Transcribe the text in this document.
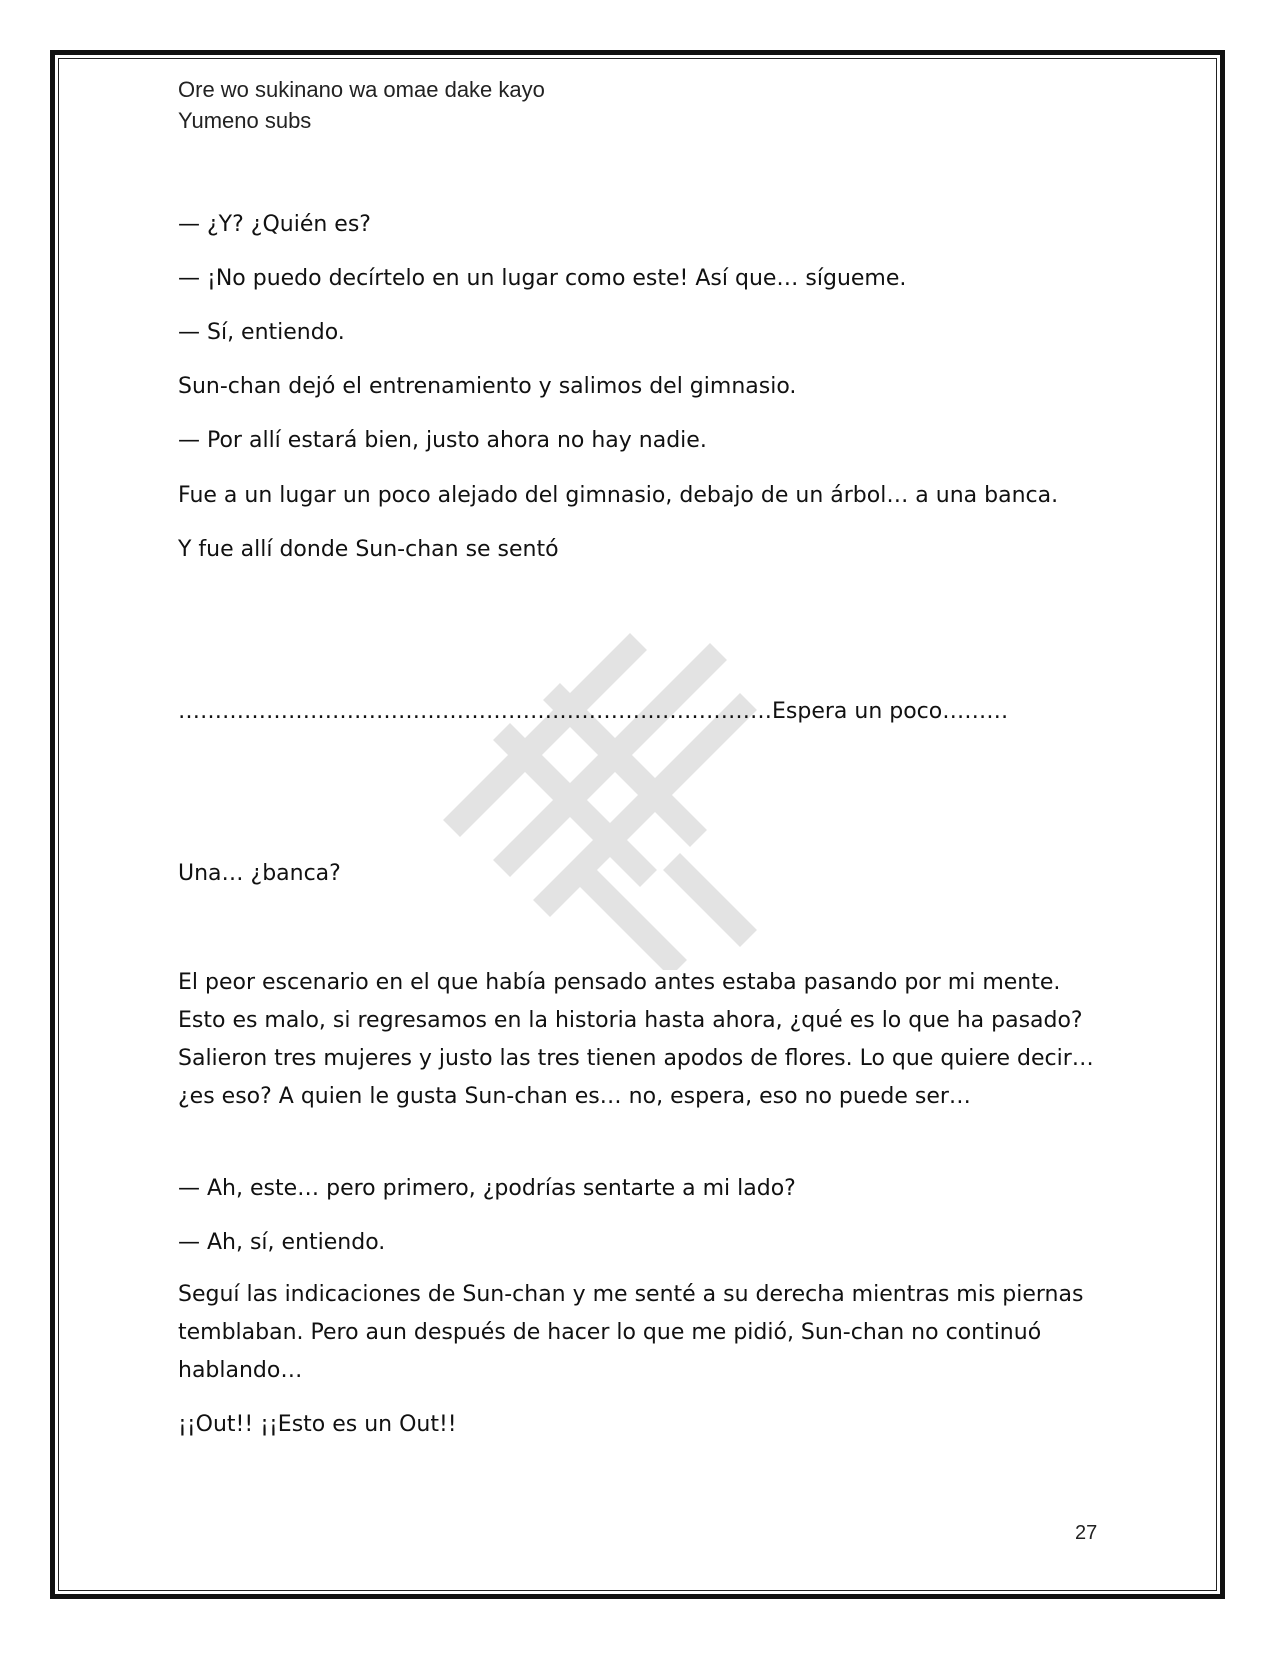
Ore wo sukinano wa omae dake kayo
Yumeno subs
— ¿Y? ¿Quién es?
— ¡No puedo decírtelo en un lugar como este! Así que… sígueme.
— Sí, entiendo.
Sun-chan dejó el entrenamiento y salimos del gimnasio.
— Por allí estará bien, justo ahora no hay nadie.
Fue a un lugar un poco alejado del gimnasio, debajo de un árbol… a una banca.
Y fue allí donde Sun-chan se sentó
………………………………………………………………………Espera un poco………
Una… ¿banca?
El peor escenario en el que había pensado antes estaba pasando por mi mente. Esto es malo, si regresamos en la historia hasta ahora, ¿qué es lo que ha pasado? Salieron tres mujeres y justo las tres tienen apodos de flores. Lo que quiere decir… ¿es eso? A quien le gusta Sun-chan es… no, espera, eso no puede ser…
— Ah, este… pero primero, ¿podrías sentarte a mi lado?
— Ah, sí, entiendo.
Seguí las indicaciones de Sun-chan y me senté a su derecha mientras mis piernas temblaban. Pero aun después de hacer lo que me pidió, Sun-chan no continuó hablando…
¡¡Out!! ¡¡Esto es un Out!!
27
